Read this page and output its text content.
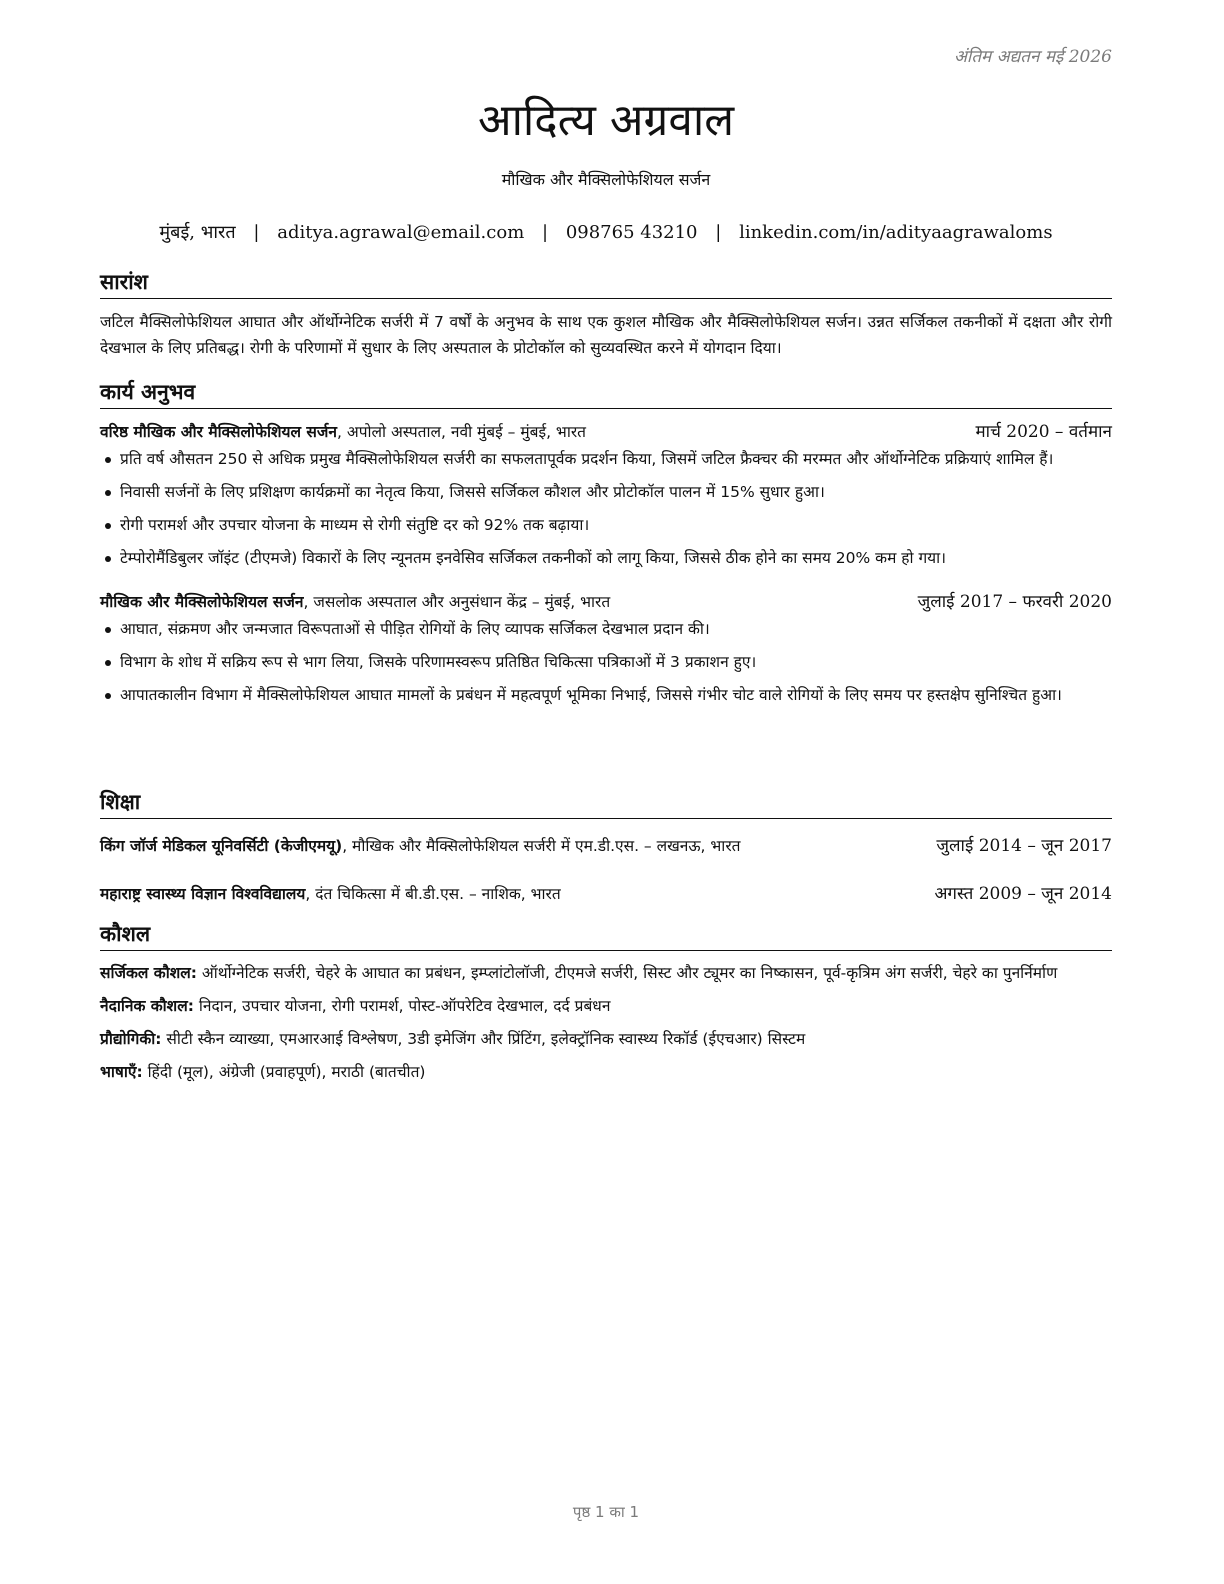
अंतिम अद्यतन मई 2026
आदित्य अग्रवाल
मौखिक और मैक्सिलोफेशियल सर्जन
मुंबई, भारत | aditya.agrawal@email.com | 098765 43210 | linkedin.com/in/adityaagrawaloms
सारांश

जटिल मैक्सिलोफेशियल आघात और ऑर्थोग्नेटिक सर्जरी में 7 वर्षों के अनुभव के साथ एक कुशल मौखिक और मैक्सिलोफेशियल सर्जन। उन्नत सर्जिकल तकनीकों में दक्षता और रोगी देखभाल के लिए प्रतिबद्ध। रोगी के परिणामों में सुधार के लिए अस्पताल के प्रोटोकॉल को सुव्यवस्थित करने में योगदान दिया।

कार्य अनुभव
वरिष्ठ मौखिक और मैक्सिलोफेशियल सर्जन, अपोलो अस्पताल, नवी मुंबई – मुंबई, भारत	मार्च 2020 – वर्तमान
प्रति वर्ष औसतन 250 से अधिक प्रमुख मैक्सिलोफेशियल सर्जरी का सफलतापूर्वक प्रदर्शन किया, जिसमें जटिल फ्रैक्चर की मरम्मत और ऑर्थोग्नेटिक प्रक्रियाएं शामिल हैं।
निवासी सर्जनों के लिए प्रशिक्षण कार्यक्रमों का नेतृत्व किया, जिससे सर्जिकल कौशल और प्रोटोकॉल पालन में 15% सुधार हुआ।
रोगी परामर्श और उपचार योजना के माध्यम से रोगी संतुष्टि दर को 92% तक बढ़ाया।
टेम्पोरोमैंडिबुलर जॉइंट (टीएमजे) विकारों के लिए न्यूनतम इनवेसिव सर्जिकल तकनीकों को लागू किया, जिससे ठीक होने का समय 20% कम हो गया।
मौखिक और मैक्सिलोफेशियल सर्जन, जसलोक अस्पताल और अनुसंधान केंद्र – मुंबई, भारत	जुलाई 2017 – फरवरी 2020
आघात, संक्रमण और जन्मजात विरूपताओं से पीड़ित रोगियों के लिए व्यापक सर्जिकल देखभाल प्रदान की।
विभाग के शोध में सक्रिय रूप से भाग लिया, जिसके परिणामस्वरूप प्रतिष्ठित चिकित्सा पत्रिकाओं में 3 प्रकाशन हुए।
आपातकालीन विभाग में मैक्सिलोफेशियल आघात मामलों के प्रबंधन में महत्वपूर्ण भूमिका निभाई, जिससे गंभीर चोट वाले रोगियों के लिए समय पर हस्तक्षेप सुनिश्चित हुआ।
शिक्षा
किंग जॉर्ज मेडिकल यूनिवर्सिटी (केजीएमयू), मौखिक और मैक्सिलोफेशियल सर्जरी में एम.डी.एस. – लखनऊ, भारत	जुलाई 2014 – जून 2017
महाराष्ट्र स्वास्थ्य विज्ञान विश्वविद्यालय, दंत चिकित्सा में बी.डी.एस. – नाशिक, भारत	अगस्त 2009 – जून 2014
कौशल

सर्जिकल कौशल: ऑर्थोग्नेटिक सर्जरी, चेहरे के आघात का प्रबंधन, इम्प्लांटोलॉजी, टीएमजे सर्जरी, सिस्ट और ट्यूमर का निष्कासन, पूर्व-कृत्रिम अंग सर्जरी, चेहरे का पुनर्निर्माण

नैदानिक कौशल: निदान, उपचार योजना, रोगी परामर्श, पोस्ट-ऑपरेटिव देखभाल, दर्द प्रबंधन

प्रौद्योगिकी: सीटी स्कैन व्याख्या, एमआरआई विश्लेषण, 3डी इमेजिंग और प्रिंटिंग, इलेक्ट्रॉनिक स्वास्थ्य रिकॉर्ड (ईएचआर) सिस्टम

भाषाएँ: हिंदी (मूल), अंग्रेजी (प्रवाहपूर्ण), मराठी (बातचीत)

पृष्ठ 1 का 1
